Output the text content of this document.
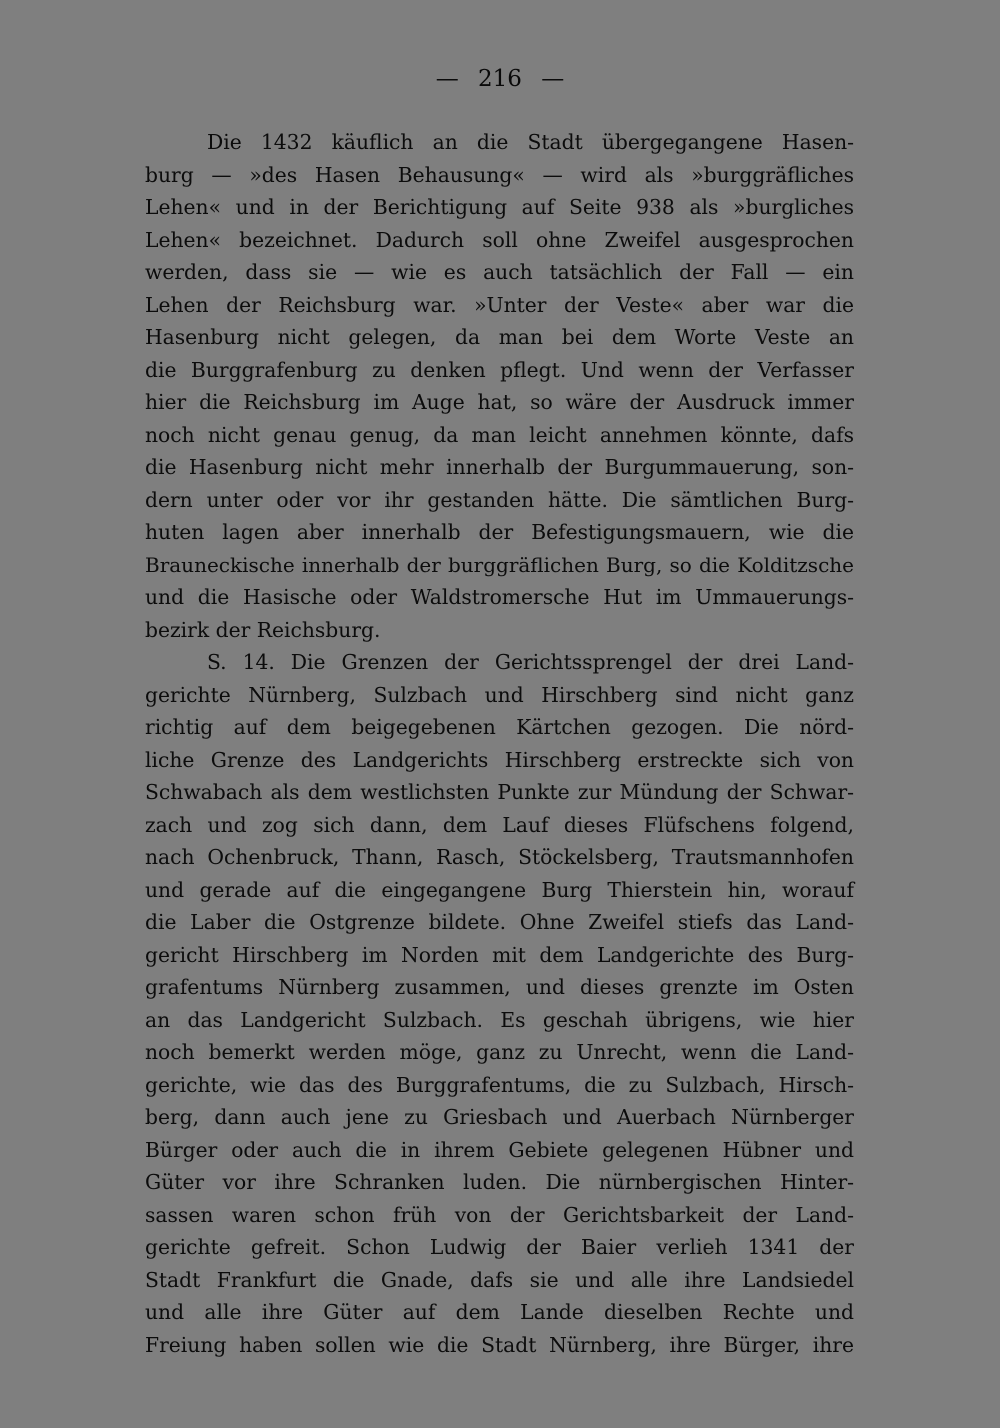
— 216 —
Die 1432 käuflich an die Stadt übergegangene Hasen-
burg — »des Hasen Behausung« — wird als »burggräfliches
Lehen« und in der Berichtigung auf Seite 938 als »burgliches
Lehen« bezeichnet. Dadurch soll ohne Zweifel ausgesprochen
werden, dass sie — wie es auch tatsächlich der Fall — ein
Lehen der Reichsburg war. »Unter der Veste« aber war die
Hasenburg nicht gelegen, da man bei dem Worte Veste an
die Burggrafenburg zu denken pflegt. Und wenn der Verfasser
hier die Reichsburg im Auge hat, so wäre der Ausdruck immer
noch nicht genau genug, da man leicht annehmen könnte, dafs
die Hasenburg nicht mehr innerhalb der Burgummauerung, son-
dern unter oder vor ihr gestanden hätte. Die sämtlichen Burg-
huten lagen aber innerhalb der Befestigungsmauern, wie die
Brauneckische innerhalb der burggräflichen Burg, so die Kolditzsche
und die Hasische oder Waldstromersche Hut im Ummauerungs-
bezirk der Reichsburg.
S. 14. Die Grenzen der Gerichtssprengel der drei Land-
gerichte Nürnberg, Sulzbach und Hirschberg sind nicht ganz
richtig auf dem beigegebenen Kärtchen gezogen. Die nörd-
liche Grenze des Landgerichts Hirschberg erstreckte sich von
Schwabach als dem westlichsten Punkte zur Mündung der Schwar-
zach und zog sich dann, dem Lauf dieses Flüfschens folgend,
nach Ochenbruck, Thann, Rasch, Stöckelsberg, Trautsmannhofen
und gerade auf die eingegangene Burg Thierstein hin, worauf
die Laber die Ostgrenze bildete. Ohne Zweifel stiefs das Land-
gericht Hirschberg im Norden mit dem Landgerichte des Burg-
grafentums Nürnberg zusammen, und dieses grenzte im Osten
an das Landgericht Sulzbach. Es geschah übrigens, wie hier
noch bemerkt werden möge, ganz zu Unrecht, wenn die Land-
gerichte, wie das des Burggrafentums, die zu Sulzbach, Hirsch-
berg, dann auch jene zu Griesbach und Auerbach Nürnberger
Bürger oder auch die in ihrem Gebiete gelegenen Hübner und
Güter vor ihre Schranken luden. Die nürnbergischen Hinter-
sassen waren schon früh von der Gerichtsbarkeit der Land-
gerichte gefreit. Schon Ludwig der Baier verlieh 1341 der
Stadt Frankfurt die Gnade, dafs sie und alle ihre Landsiedel
und alle ihre Güter auf dem Lande dieselben Rechte und
Freiung haben sollen wie die Stadt Nürnberg, ihre Bürger, ihre
